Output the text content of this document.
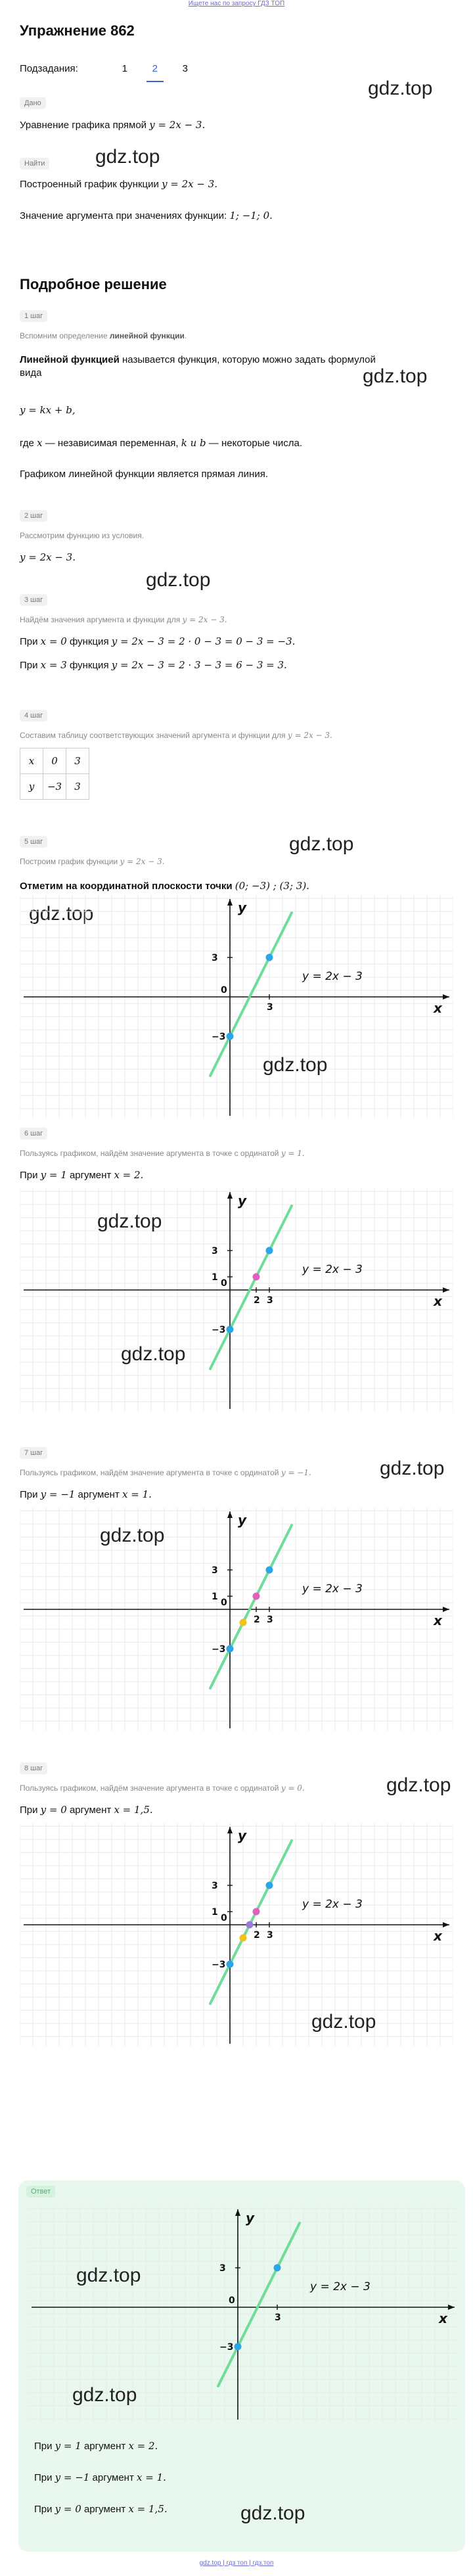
Ищете нас по запросу ГДЗ ТОП
Упражнение 862
Подзадания:	1	2	3
Дано
Уравнение графика прямой y = 2x − 3.
gdz.top
Найти	gdz.top
Построенный график функции y = 2x − 3.
Значение аргумента при значениях функции: 1; −1; 0.
Подробное решение
1 шаг
Вспомним определение линейной функции.
Линейной функцией называется функция, которую можно задать формулой
вида	gdz.top
y = kx + b,
где x — независимая переменная, k и b — некоторые числа.
Графиком линейной функции является прямая линия.
2 шаг
Рассмотрим функцию из условия.
y = 2x − 3.
gdz.top
3 шаг
Найдём значения аргумента и функции для y = 2x − 3.
При x = 0 функция y = 2x − 3 = 2 · 0 − 3 = 0 − 3 = −3.
При x = 3 функция y = 2x − 3 = 2 · 3 − 3 = 6 − 3 = 3.
4 шаг
Составим таблицу соответствующих значений аргумента и функции для y = 2x − 3.
x	0	3
y	−3	3
5 шаг
Построим график функции y = 2x − 3.
gdz.top
Отметим на координатной плоскости точки (0; −3) ; (3; 3).
gdz.top
x
y
0
3
3
−3
y = 2x − 3
gdz.top
6 шаг
Пользуясь графиком, найдём значение аргумента в точке с ординатой y = 1.
При y = 1 аргумент x = 2.
x
y
0
2 3
3
1
−3
y = 2x − 3
gdz.top
gdz.top
7 шаг
Пользуясь графиком, найдём значение аргумента в точке с ординатой y = −1.	gdz.top
При y = −1 аргумент x = 1.
x
y
0
2 3
3
1
−3
y = 2x − 3
gdz.top
8 шаг
Пользуясь графиком, найдём значение аргумента в точке с ординатой y = 0.	gdz.top
При y = 0 аргумент x = 1,5.
x
y
0
2 3
3
1
−3
y = 2x − 3
gdz.top
Ответ
x
y
0
3
3
−3
y = 2x − 3
gdz.top
gdz.top
При y = 1 аргумент x = 2.
При y = −1 аргумент x = 1.
При y = 0 аргумент x = 1,5.	gdz.top
gdz.top | гдз топ | гдз.топ
